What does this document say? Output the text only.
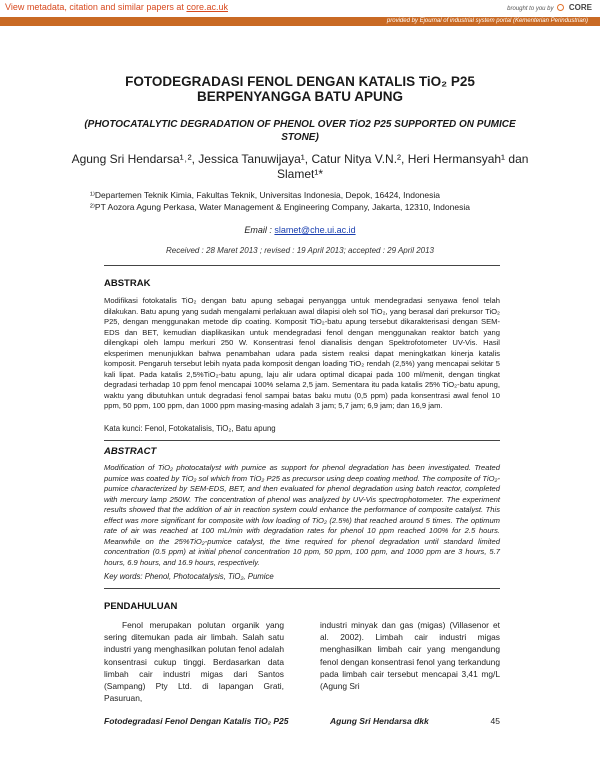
View metadata, citation and similar papers at core.ac.uk	brought to you by CORE
provided by Ejournal of industrial system portal (Kementerian Perindustrian)
FOTODEGRADASI FENOL DENGAN KATALIS TiO₂ P25
BERPENYANGGA BATU APUNG
(PHOTOCATALYTIC DEGRADATION OF PHENOL OVER TiO2 P25 SUPPORTED ON PUMICE STONE)
Agung Sri Hendarsa¹˒², Jessica Tanuwijaya¹, Catur Nitya V.N.², Heri Hermansyah¹ dan Slamet¹*
¹⁾Departemen Teknik Kimia, Fakultas Teknik, Universitas Indonesia, Depok, 16424, Indonesia
²⁾PT Aozora Agung Perkasa, Water Management & Engineering Company, Jakarta, 12310, Indonesia
Email : slamet@che.ui.ac.id
Received : 28 Maret 2013 ; revised : 19 April 2013; accepted : 29 April 2013
ABSTRAK
Modifikasi fotokatalis TiO₂ dengan batu apung sebagai penyangga untuk mendegradasi senyawa fenol telah dilakukan. Batu apung yang sudah mengalami perlakuan awal dilapisi oleh sol TiO₂, yang berasal dari prekursor TiO₂ P25, dengan menggunakan metode dip coating. Komposit TiO₂-batu apung tersebut dikarakterisasi dengan SEM-EDS dan BET, kemudian diaplikasikan untuk mendegradasi fenol dengan menggunakan reaktor batch yang dilengkapi oleh lampu merkuri 250 W. Konsentrasi fenol dianalisis dengan Spektrofotometer UV-Vis. Hasil eksperimen menunjukkan bahwa penambahan udara pada sistem reaksi dapat meningkatkan kinerja katalis komposit. Pengaruh tersebut lebih nyata pada komposit dengan loading TiO₂ rendah (2,5%) yang mencapai sekitar 5 kali lipat. Pada katalis 2,5%TiO₂-batu apung, laju alir udara optimal dicapai pada 100 ml/menit, dengan tingkat degradasi terhadap 10 ppm fenol mencapai 100% selama 2,5 jam. Sementara itu pada katalis 25% TiO₂-batu apung, waktu yang dibutuhkan untuk degradasi fenol sampai batas baku mutu (0,5 ppm) pada konsentrasi awal fenol 10 ppm, 50 ppm, 100 ppm, dan 1000 ppm masing-masing adalah 3 jam; 5,7 jam; 6,9 jam; dan 16,9 jam.
Kata kunci: Fenol, Fotokatalisis, TiO₂, Batu apung
ABSTRACT
Modification of TiO₂ photocatalyst with pumice as support for phenol degradation has been investigated. Treated pumice was coated by TiO₂ sol which from TiO₂ P25 as precursor using deep coating method. The composite of TiO₂-pumice characterized by SEM-EDS, BET, and then evaluated for phenol degradation using batch reactor, completed with mercury lamp 250W. The concentration of phenol was analyzed by UV-Vis spectrophotometer. The experiment results showed that the addition of air in reaction system could enhance the performance of composite catalyst. This effect was more significant for composite with low loading of TiO₂ (2.5%) that reached around 5 times. The optimum rate of air was reached at 100 mL/min with degradation rates for phenol 10 ppm reached 100% for 2.5 hours. Meanwhile on the 25%TiO₂-pumice catalyst, the time required for phenol degradation until standard limited concentration (0.5 ppm) at initial phenol concentration 10 ppm, 50 ppm, 100 ppm, and 1000 ppm are 3 hours, 5.7 hours, 6.9 hours, and 16.9 hours, respectively.
Key words: Phenol, Photocatalysis, TiO₂, Pumice
PENDAHULUAN
Fenol merupakan polutan organik yang sering ditemukan pada air limbah. Salah satu industri yang menghasilkan polutan fenol adalah konsentrasi cukup tinggi. Berdasarkan data limbah cair industri migas dari Santos (Sampang) Pty Ltd. di lapangan Grati, Pasuruan,
industri minyak dan gas (migas) (Villasenor et al. 2002). Limbah cair industri migas menghasilkan limbah cair yang mengandung fenol dengan konsentrasi fenol yang terkandung pada limbah cair tersebut mencapai 3,41 mg/L (Agung Sri
Fotodegradasi Fenol Dengan Katalis TiO₂ P25	Agung Sri Hendarsa dkk	45
